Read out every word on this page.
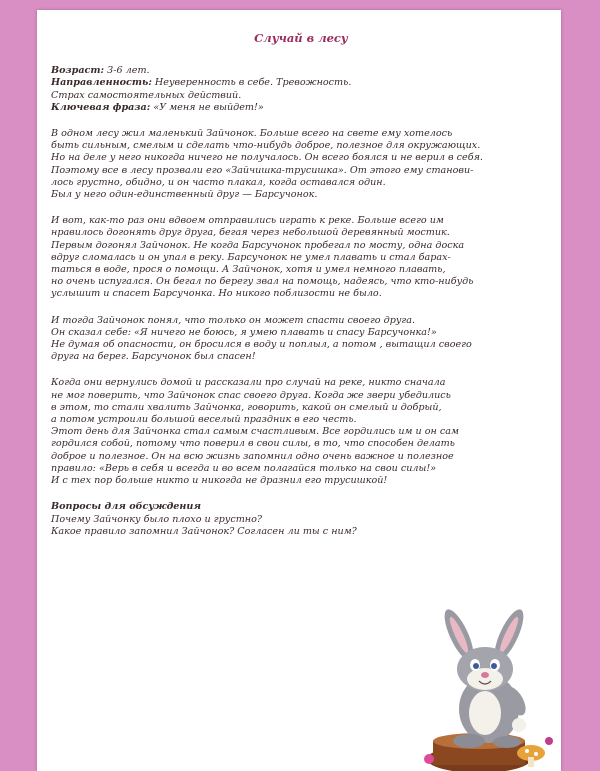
Случай в лесу

Возраст: 3-6 лет.

Направленность: Неуверенность в себе. Тревожность.

Страх самостоятельных действий.

Ключевая фраза: «У меня не выйдет!»

В одном лесу жил маленький Зайчонок. Больше всего на свете ему хотелось
быть сильным, смелым и сделать что-нибудь доброе, полезное для окружающих.
Но на деле у него никогда ничего не получалось. Он всего боялся и не верил в себя.
Поэтому все в лесу прозвали его «Зайчишка-трусишка». От этого ему станови-
лось грустно, обидно, и он часто плакал, когда оставался один.
Был у него один-единственный друг — Барсучонок.

И вот, как-то раз они вдвоем отправились играть к реке. Больше всего им
нравилось догонять друг друга, бегая через небольшой деревянный мостик.
Первым догонял Зайчонок. Не когда Барсучонок пробегал по мосту, одна доска
вдруг сломалась и он упал в реку. Барсучонок не умел плавать и стал барах-
таться в воде, прося о помощи. А Зайчонок, хотя и умел немного плавать,
но очень испугался. Он бегал по берегу звал на помощь, надеясь, что кто-нибудь
услышит и спасет Барсучонка. Но никого поблизости не было.

И тогда Зайчонок понял, что только он может спасти своего друга.
Он сказал себе: «Я ничего не боюсь, я умею плавать и спасу Барсучонка!»
Не думая об опасности, он бросился в воду и поплыл, а потом , вытащил своего
друга на берег. Барсучонок был спасен!

Когда они вернулись домой и рассказали про случай на реке, никто сначала
не мог поверить, что Зайчонок спас своего друга. Когда же звери убедились
в этом, то стали хвалить Зайчонка, говорить, какой он смелый и добрый,
а потом устроили большой веселый праздник в его честь.
Этот день для Зайчонка стал самым счастливым. Все гордились им и он сам
гордился собой, потому что поверил в свои силы, в то, что способен делать
доброе и полезное. Он на всю жизнь запомнил одно очень важное и полезное
правило: «Верь в себя и всегда и во всем полагайся только на свои силы!»
И с тех пор больше никто и никогда не дразнил его трусишкой!

Вопросы для обсуждения

Почему Зайчонку было плохо и грустно?

Какое правило запомнил Зайчонок? Согласен ли ты с ним?
